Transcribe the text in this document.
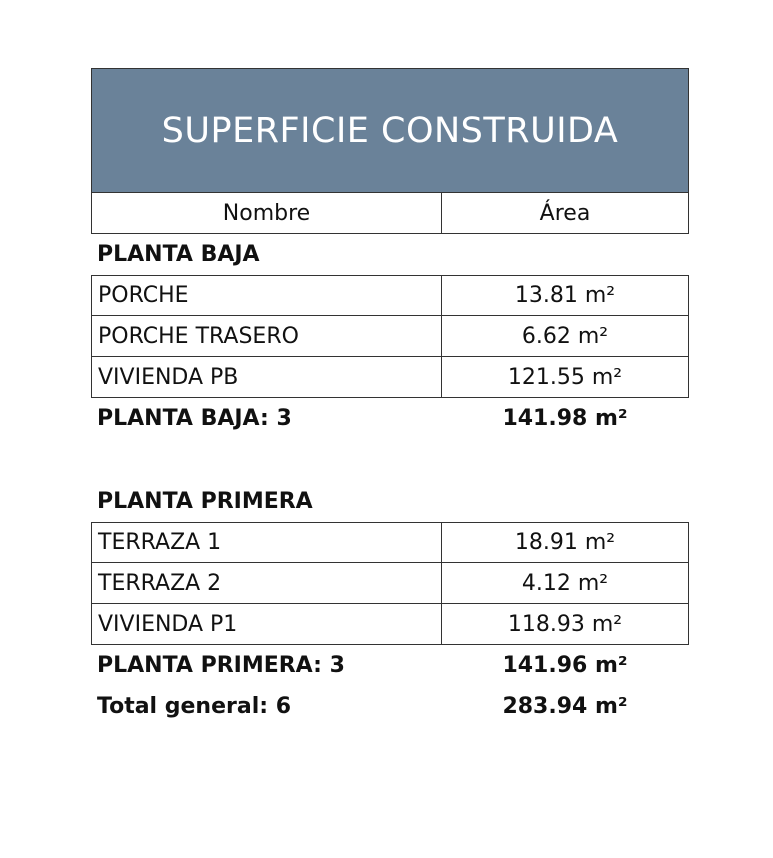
SUPERFICIE CONSTRUIDA
Nombre	Área
PLANTA BAJA
PORCHE	13.81 m²
PORCHE TRASERO	6.62 m²
VIVIENDA PB	121.55 m²
PLANTA BAJA: 3	141.98 m²
PLANTA PRIMERA
TERRAZA 1	18.91 m²
TERRAZA 2	4.12 m²
VIVIENDA P1	118.93 m²
PLANTA PRIMERA: 3	141.96 m²
Total general: 6	283.94 m²
